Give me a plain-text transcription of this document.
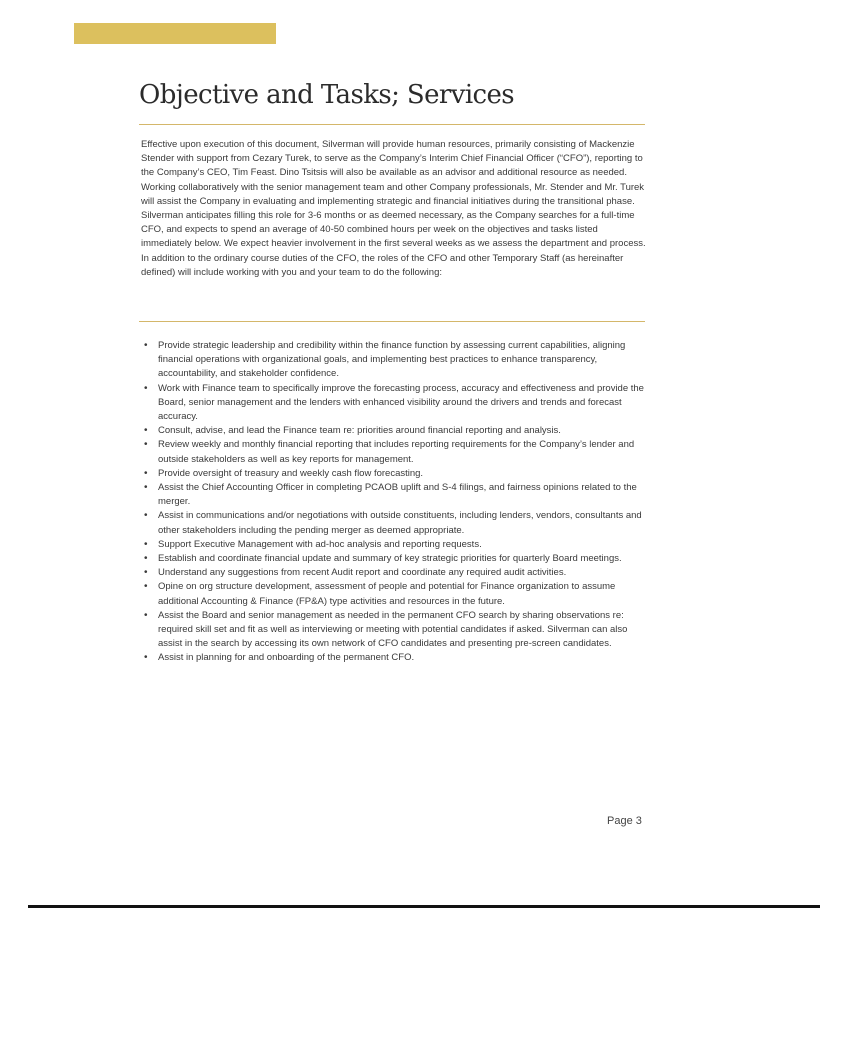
Objective and Tasks; Services

Effective upon execution of this document, Silverman will provide human resources, primarily consisting of Mackenzie Stender with support from Cezary Turek, to serve as the Company’s Interim Chief Financial Officer (“CFO”), reporting to the Company’s CEO, Tim Feast. Dino Tsitsis will also be available as an advisor and additional resource as needed. Working collaboratively with the senior management team and other Company professionals, Mr. Stender and Mr. Turek will assist the Company in evaluating and implementing strategic and financial initiatives during the transitional phase. Silverman anticipates filling this role for 3-6 months or as deemed necessary, as the Company searches for a full-time CFO, and expects to spend an average of 40-50 combined hours per week on the objectives and tasks listed immediately below. We expect heavier involvement in the first several weeks as we assess the department and process. In addition to the ordinary course duties of the CFO, the roles of the CFO and other Temporary Staff (as hereinafter defined) will include working with you and your team to do the following:

• Provide strategic leadership and credibility within the finance function by assessing current capabilities, aligning financial operations with organizational goals, and implementing best practices to enhance transparency, accountability, and stakeholder confidence.
• Work with Finance team to specifically improve the forecasting process, accuracy and effectiveness and provide the Board, senior management and the lenders with enhanced visibility around the drivers and trends and forecast accuracy.
• Consult, advise, and lead the Finance team re: priorities around financial reporting and analysis.
• Review weekly and monthly financial reporting that includes reporting requirements for the Company’s lender and outside stakeholders as well as key reports for management.
• Provide oversight of treasury and weekly cash flow forecasting.
• Assist the Chief Accounting Officer in completing PCAOB uplift and S-4 filings, and fairness opinions related to the merger.
• Assist in communications and/or negotiations with outside constituents, including lenders, vendors, consultants and other stakeholders including the pending merger as deemed appropriate.
• Support Executive Management with ad-hoc analysis and reporting requests.
• Establish and coordinate financial update and summary of key strategic priorities for quarterly Board meetings.
• Understand any suggestions from recent Audit report and coordinate any required audit activities.
• Opine on org structure development, assessment of people and potential for Finance organization to assume additional Accounting & Finance (FP&A) type activities and resources in the future.
• Assist the Board and senior management as needed in the permanent CFO search by sharing observations re: required skill set and fit as well as interviewing or meeting with potential candidates if asked. Silverman can also assist in the search by accessing its own network of CFO candidates and presenting pre-screen candidates.
• Assist in planning for and onboarding of the permanent CFO.
Page 3
